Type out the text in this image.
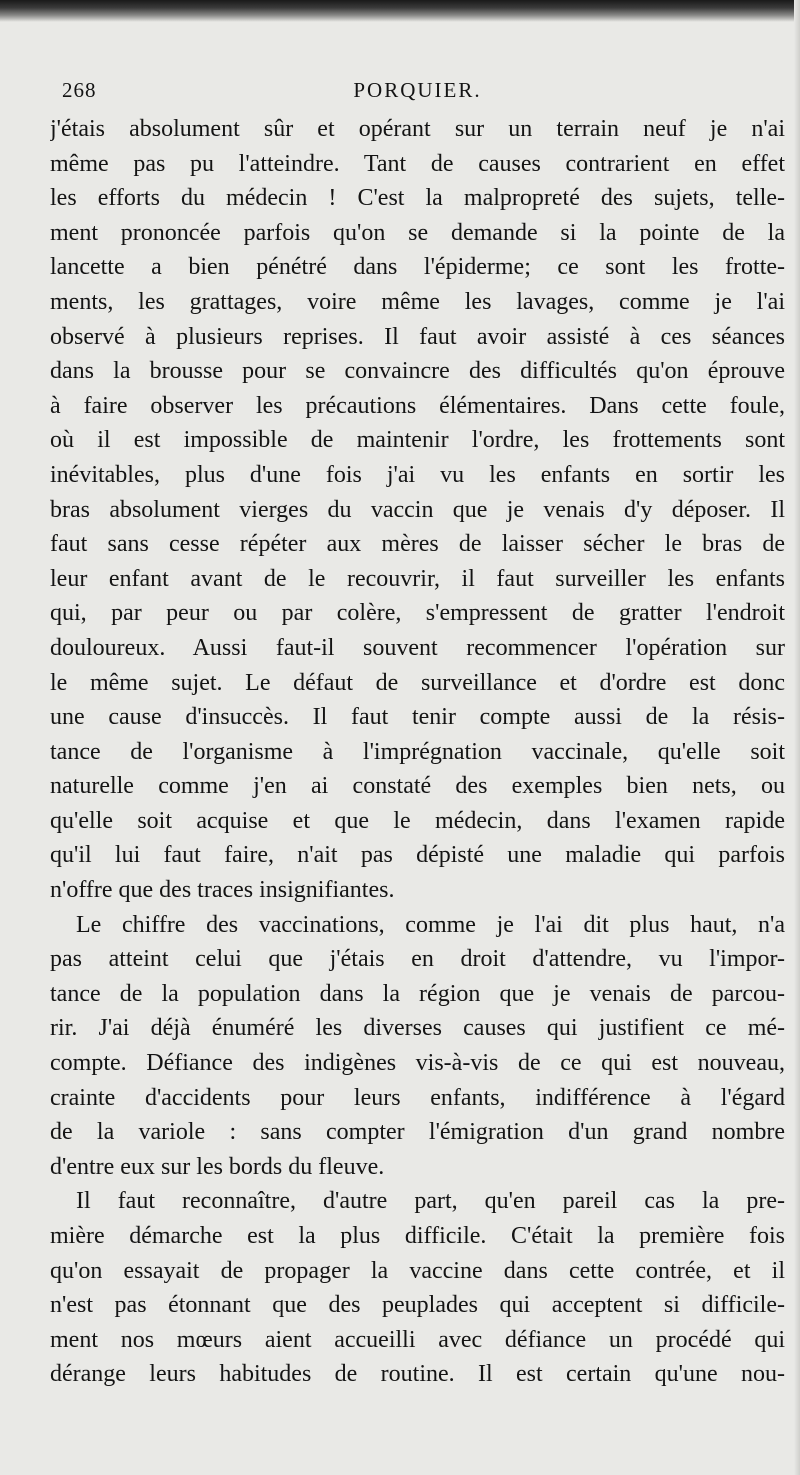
268	PORQUIER.
j'étais absolument sûr et opérant sur un terrain neuf je n'ai
même pas pu l'atteindre. Tant de causes contrarient en effet
les efforts du médecin ! C'est la malpropreté des sujets, telle-
ment prononcée parfois qu'on se demande si la pointe de la
lancette a bien pénétré dans l'épiderme; ce sont les frotte-
ments, les grattages, voire même les lavages, comme je l'ai
observé à plusieurs reprises. Il faut avoir assisté à ces séances
dans la brousse pour se convaincre des difficultés qu'on éprouve
à faire observer les précautions élémentaires. Dans cette foule,
où il est impossible de maintenir l'ordre, les frottements sont
inévitables, plus d'une fois j'ai vu les enfants en sortir les
bras absolument vierges du vaccin que je venais d'y déposer. Il
faut sans cesse répéter aux mères de laisser sécher le bras de
leur enfant avant de le recouvrir, il faut surveiller les enfants
qui, par peur ou par colère, s'empressent de gratter l'endroit
douloureux. Aussi faut-il souvent recommencer l'opération sur
le même sujet. Le défaut de surveillance et d'ordre est donc
une cause d'insuccès. Il faut tenir compte aussi de la résis-
tance de l'organisme à l'imprégnation vaccinale, qu'elle soit
naturelle comme j'en ai constaté des exemples bien nets, ou
qu'elle soit acquise et que le médecin, dans l'examen rapide
qu'il lui faut faire, n'ait pas dépisté une maladie qui parfois
n'offre que des traces insignifiantes.
Le chiffre des vaccinations, comme je l'ai dit plus haut, n'a
pas atteint celui que j'étais en droit d'attendre, vu l'impor-
tance de la population dans la région que je venais de parcou-
rir. J'ai déjà énuméré les diverses causes qui justifient ce mé-
compte. Défiance des indigènes vis-à-vis de ce qui est nouveau,
crainte d'accidents pour leurs enfants, indifférence à l'égard
de la variole : sans compter l'émigration d'un grand nombre
d'entre eux sur les bords du fleuve.
Il faut reconnaître, d'autre part, qu'en pareil cas la pre-
mière démarche est la plus difficile. C'était la première fois
qu'on essayait de propager la vaccine dans cette contrée, et il
n'est pas étonnant que des peuplades qui acceptent si difficile-
ment nos mœurs aient accueilli avec défiance un procédé qui
dérange leurs habitudes de routine. Il est certain qu'une nou-
